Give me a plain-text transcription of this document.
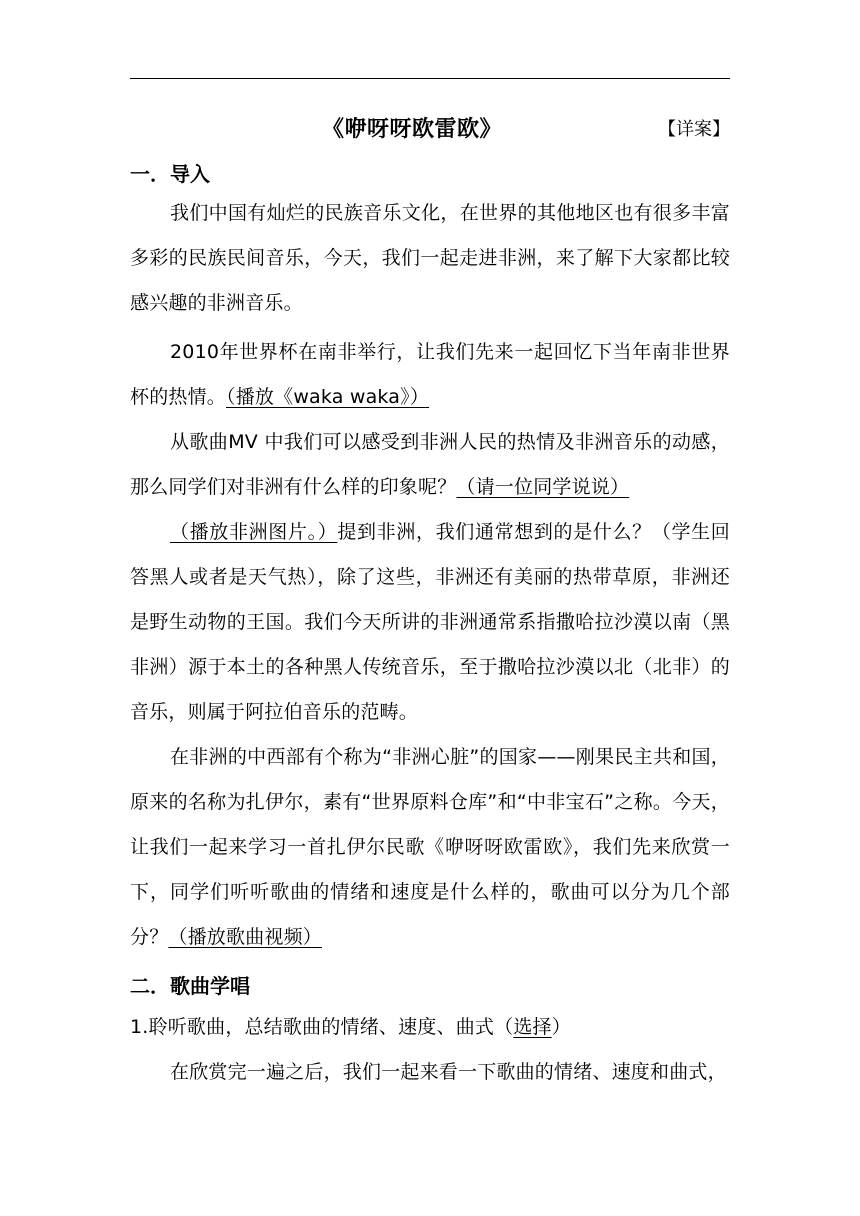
《咿呀呀欧雷欧》	【详案】
一．导入
我们中国有灿烂的民族音乐文化，在世界的其他地区也有很多丰富多彩的民族民间音乐，今天，我们一起走进非洲，来了解下大家都比较感兴趣的非洲音乐。
2010年世界杯在南非举行，让我们先来一起回忆下当年南非世界杯的热情。（播放《waka waka》）
从歌曲MV 中我们可以感受到非洲人民的热情及非洲音乐的动感，那么同学们对非洲有什么样的印象呢？（请一位同学说说）
（播放非洲图片。）提到非洲，我们通常想到的是什么？（学生回答黑人或者是天气热），除了这些，非洲还有美丽的热带草原，非洲还是野生动物的王国。我们今天所讲的非洲通常系指撒哈拉沙漠以南（黑非洲）源于本土的各种黑人传统音乐，至于撒哈拉沙漠以北（北非）的音乐，则属于阿拉伯音乐的范畴。
在非洲的中西部有个称为“非洲心脏”的国家——刚果民主共和国，原来的名称为扎伊尔，素有“世界原料仓库”和“中非宝石”之称。今天，让我们一起来学习一首扎伊尔民歌《咿呀呀欧雷欧》，我们先来欣赏一下，同学们听听歌曲的情绪和速度是什么样的，歌曲可以分为几个部分？（播放歌曲视频）
二．歌曲学唱
1.聆听歌曲，总结歌曲的情绪、速度、曲式（选择）
在欣赏完一遍之后，我们一起来看一下歌曲的情绪、速度和曲式，
